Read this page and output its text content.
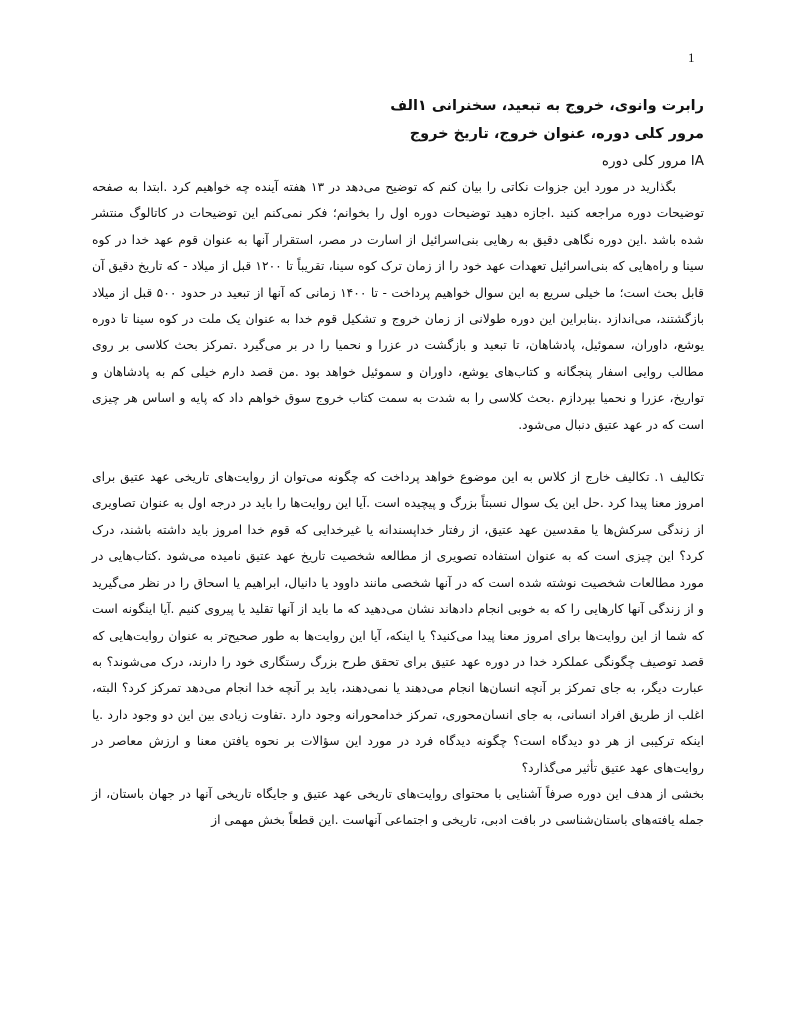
1

رابرت وانوی، خروج به تبعید، سخنرانی ۱الف

مرور کلی دوره، عنوان خروج، تاریخ خروج

IA مرور کلی دوره

بگذارید در مورد این جزوات نکاتی را بیان کنم که توضیح می‌دهد در ۱۳ هفته آینده چه خواهیم کرد .ابتدا به صفحه توضیحات دوره مراجعه کنید .اجازه دهید توضیحات دوره اول را بخوانم؛ فکر نمی‌کنم این توضیحات در کاتالوگ منتشر شده باشد .این دوره نگاهی دقیق به رهایی بنی‌اسرائیل از اسارت در مصر، استقرار آنها به عنوان قوم عهد خدا در کوه سینا و راه‌هایی که بنی‌اسرائیل تعهدات عهد خود را از زمان ترک کوه سینا، تقریباً تا ۱۲۰۰ قبل از میلاد - که تاریخ دقیق آن قابل بحث است؛ ما خیلی سریع به این سوال خواهیم پرداخت - تا ۱۴۰۰ زمانی که آنها از تبعید در حدود ۵۰۰ قبل از میلاد بازگشتند، می‌اندازد .بنابراین این دوره طولانی از زمان خروج و تشکیل قوم خدا به عنوان یک ملت در کوه سینا تا دوره یوشع، داوران، سموئیل، پادشاهان، تا تبعید و بازگشت در عزرا و نحمیا را در بر می‌گیرد .تمرکز بحث کلاسی بر روی مطالب روایی اسفار پنجگانه و کتاب‌های یوشع، داوران و سموئیل خواهد بود .من قصد دارم خیلی کم به پادشاهان و تواریخ، عزرا و نحمیا بپردازم .بحث کلاسی را به شدت به سمت کتاب خروج سوق خواهم داد که پایه و اساس هر چیزی است که در عهد عتیق دنبال می‌شود.

تکالیف ۱. تکالیف خارج از کلاس به این موضوع خواهد پرداخت که چگونه می‌توان از روایت‌های تاریخی عهد عتیق برای امروز معنا پیدا کرد .حل این یک سوال نسبتاً بزرگ و پیچیده است .آیا این روایت‌ها را باید در درجه اول به عنوان تصاویری از زندگی سرکش‌ها یا مقدسین عهد عتیق، از رفتار خداپسندانه یا غیرخدایی که قوم خدا امروز باید داشته باشند، درک کرد؟ این چیزی است که به عنوان استفاده تصویری از مطالعه شخصیت تاریخ عهد عتیق نامیده می‌شود .کتاب‌هایی در مورد مطالعات شخصیت نوشته شده است که در آنها شخصی مانند داوود یا دانیال، ابراهیم یا اسحاق را در نظر می‌گیرید و از زندگی آنها کارهایی را که به خوبی انجام دادهاند نشان می‌دهید که ما باید از آنها تقلید یا پیروی کنیم .آیا اینگونه است که شما از این روایت‌ها برای امروز معنا پیدا می‌کنید؟ یا اینکه، آیا این روایت‌ها به طور صحیح‌تر به عنوان روایت‌هایی که قصد توصیف چگونگی عملکرد خدا در دوره عهد عتیق برای تحقق طرح بزرگ رستگاری خود را دارند، درک می‌شوند؟ به عبارت دیگر، به جای تمرکز بر آنچه انسان‌ها انجام می‌دهند یا نمی‌دهند، باید بر آنچه خدا انجام می‌دهد تمرکز کرد؟ البته، اغلب از طریق افراد انسانی، به جای انسان‌محوری، تمرکز خدامحورانه وجود دارد .تفاوت زیادی بین این دو وجود دارد .یا اینکه ترکیبی از هر دو دیدگاه است؟ چگونه دیدگاه فرد در مورد این سؤالات بر نحوه یافتن معنا و ارزش معاصر در روایت‌های عهد عتیق تأثیر می‌گذارد؟

بخشی از هدف این دوره صرفاً آشنایی با محتوای روایت‌های تاریخی عهد عتیق و جایگاه تاریخی آنها در جهان باستان، از جمله یافته‌های باستان‌شناسی در بافت ادبی، تاریخی و اجتماعی آنهاست .این قطعاً بخش مهمی از
